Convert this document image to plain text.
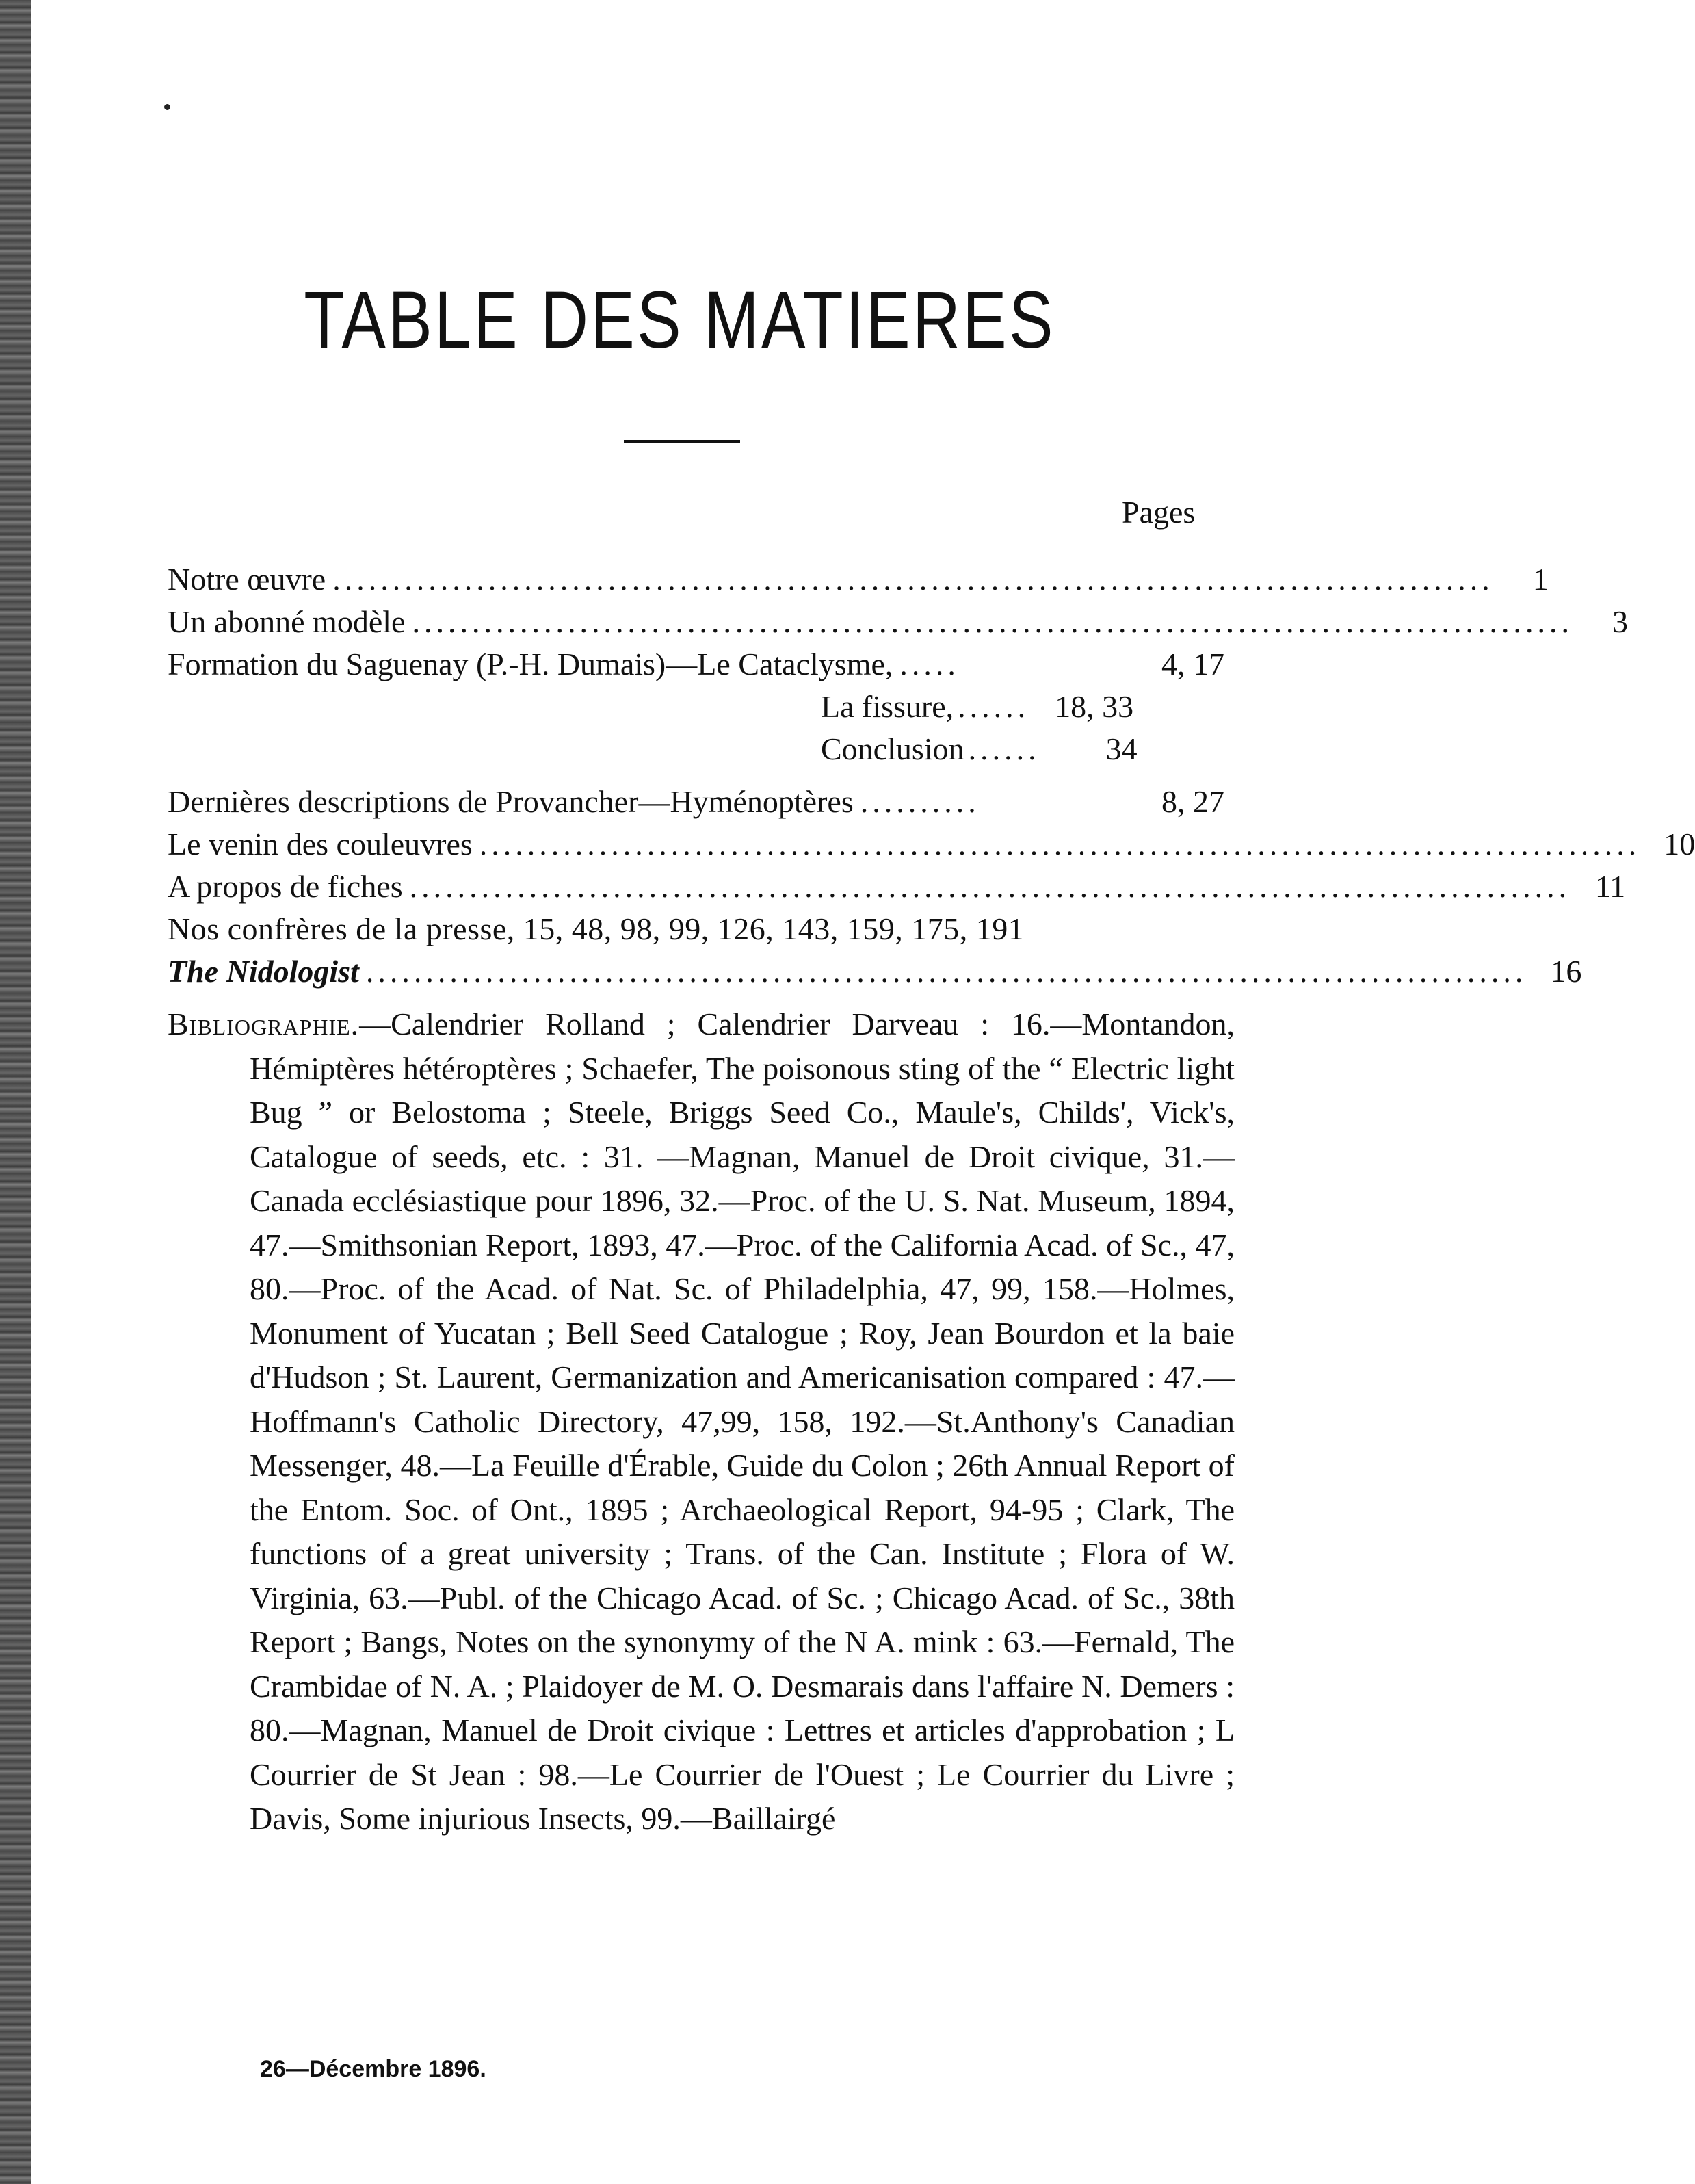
TABLE DES MATIERES
Pages
Notre œuvre .................................................................................................	1
Un abonné modèle .................................................................................................	3
Formation du Saguenay (P.-H. Dumais)—Le Cataclysme, .....	4, 17
La fissure, ...... 18, 33
Conclusion ......	34
Dernières descriptions de Provancher—Hyménoptères ..........	8, 27
Le venin des couleuvres ................................................................................................. 10
A propos de fiches ................................................................................................. 11
Nos confrères de la presse, 15, 48, 98, 99, 126, 143, 159, 175, 191
The Nidologist ................................................................................................. 16

Bibliographie.—Calendrier Rolland ; Calendrier Darveau : 16.—Montandon, Hémiptères hétéroptères ; Schaefer, The poisonous sting of the “ Electric light Bug ” or Belostoma ; Steele, Briggs Seed Co., Maule's, Childs', Vick's, Catalogue of seeds, etc. : 31. —Magnan, Manuel de Droit civique, 31.—Canada ecclésiastique pour 1896, 32.—Proc. of the U. S. Nat. Museum, 1894, 47.—Smithsonian Report, 1893, 47.—Proc. of the California Acad. of Sc., 47, 80.—Proc. of the Acad. of Nat. Sc. of Philadelphia, 47, 99, 158.—Holmes, Monument of Yucatan ; Bell Seed Catalogue ; Roy, Jean Bourdon et la baie d'Hudson ; St. Laurent, Germanization and Americanisation compared : 47.— Hoffmann's Catholic Directory, 47,99, 158, 192.—St.Anthony's Canadian Messenger, 48.—La Feuille d'Érable, Guide du Colon ; 26th Annual Report of the Entom. Soc. of Ont., 1895 ; Archaeological Report, 94-95 ; Clark, The functions of a great university ; Trans. of the Can. Institute ; Flora of W. Virginia, 63.—Publ. of the Chicago Acad. of Sc. ; Chicago Acad. of Sc., 38th Report ; Bangs, Notes on the synonymy of the N A. mink : 63.—Fernald, The Crambidae of N. A. ; Plaidoyer de M. O. Desmarais dans l'affaire N. Demers : 80.—Magnan, Manuel de Droit civique : Lettres et articles d'approbation ; L Courrier de St Jean : 98.—Le Courrier de l'Ouest ; Le Courrier du Livre ; Davis, Some injurious Insects, 99.—Baillairgé

26—Décembre 1896.
